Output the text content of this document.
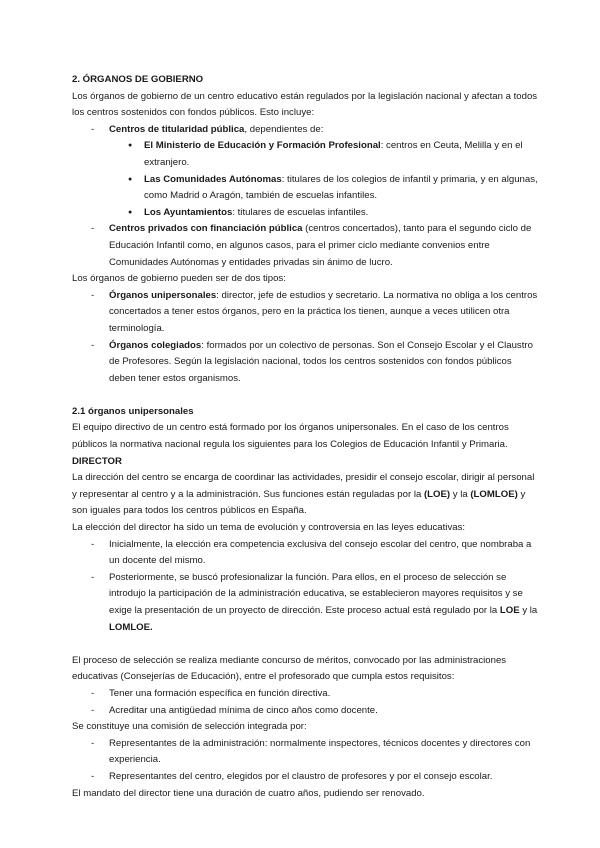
2. ÓRGANOS DE GOBIERNO

Los órganos de gobierno de un centro educativo están regulados por la legislación nacional y afectan a todos los centros sostenidos con fondos públicos. Esto incluye:

- Centros de titularidad pública, dependientes de:
● El Ministerio de Educación y Formación Profesional: centros en Ceuta, Melilla y en el extranjero.
● Las Comunidades Autónomas: titulares de los colegios de infantil y primaria, y en algunas, como Madrid o Aragón, también de escuelas infantiles.
● Los Ayuntamientos: titulares de escuelas infantiles.
- Centros privados con financiación pública (centros concertados), tanto para el segundo ciclo de Educación Infantil como, en algunos casos, para el primer ciclo mediante convenios entre Comunidades Autónomas y entidades privadas sin ánimo de lucro.

Los órganos de gobierno pueden ser de dos tipos:

- Órganos unipersonales: director, jefe de estudios y secretario. La normativa no obliga a los centros concertados a tener estos órganos, pero en la práctica los tienen, aunque a veces utilicen otra terminología.
- Órganos colegiados: formados por un colectivo de personas. Son el Consejo Escolar y el Claustro de Profesores. Según la legislación nacional, todos los centros sostenidos con fondos públicos deben tener estos organismos.

2.1 órganos unipersonales

El equipo directivo de un centro está formado por los órganos unipersonales. En el caso de los centros públicos la normativa nacional regula los siguientes para los Colegios de Educación Infantil y Primaria.

DIRECTOR

La dirección del centro se encarga de coordinar las actividades, presidir el consejo escolar, dirigir al personal y representar al centro y a la administración. Sus funciones están reguladas por la (LOE) y la (LOMLOE) y son iguales para todos los centros públicos en España.

La elección del director ha sido un tema de evolución y controversia en las leyes educativas:

- Inicialmente, la elección era competencia exclusiva del consejo escolar del centro, que nombraba a un docente del mismo.
- Posteriormente, se buscó profesionalizar la función. Para ellos, en el proceso de selección se introdujo la participación de la administración educativa, se establecieron mayores requisitos y se exige la presentación de un proyecto de dirección. Este proceso actual está regulado por la LOE y la LOMLOE.

El proceso de selección se realiza mediante concurso de méritos, convocado por las administraciones educativas (Consejerías de Educación), entre el profesorado que cumpla estos requisitos:

- Tener una formación específica en función directiva.
- Acreditar una antigüedad mínima de cinco años como docente.

Se constituye una comisión de selección integrada por:

- Representantes de la administración: normalmente inspectores, técnicos docentes y directores con experiencia.
- Representantes del centro, elegidos por el claustro de profesores y por el consejo escolar.

El mandato del director tiene una duración de cuatro años, pudiendo ser renovado.
